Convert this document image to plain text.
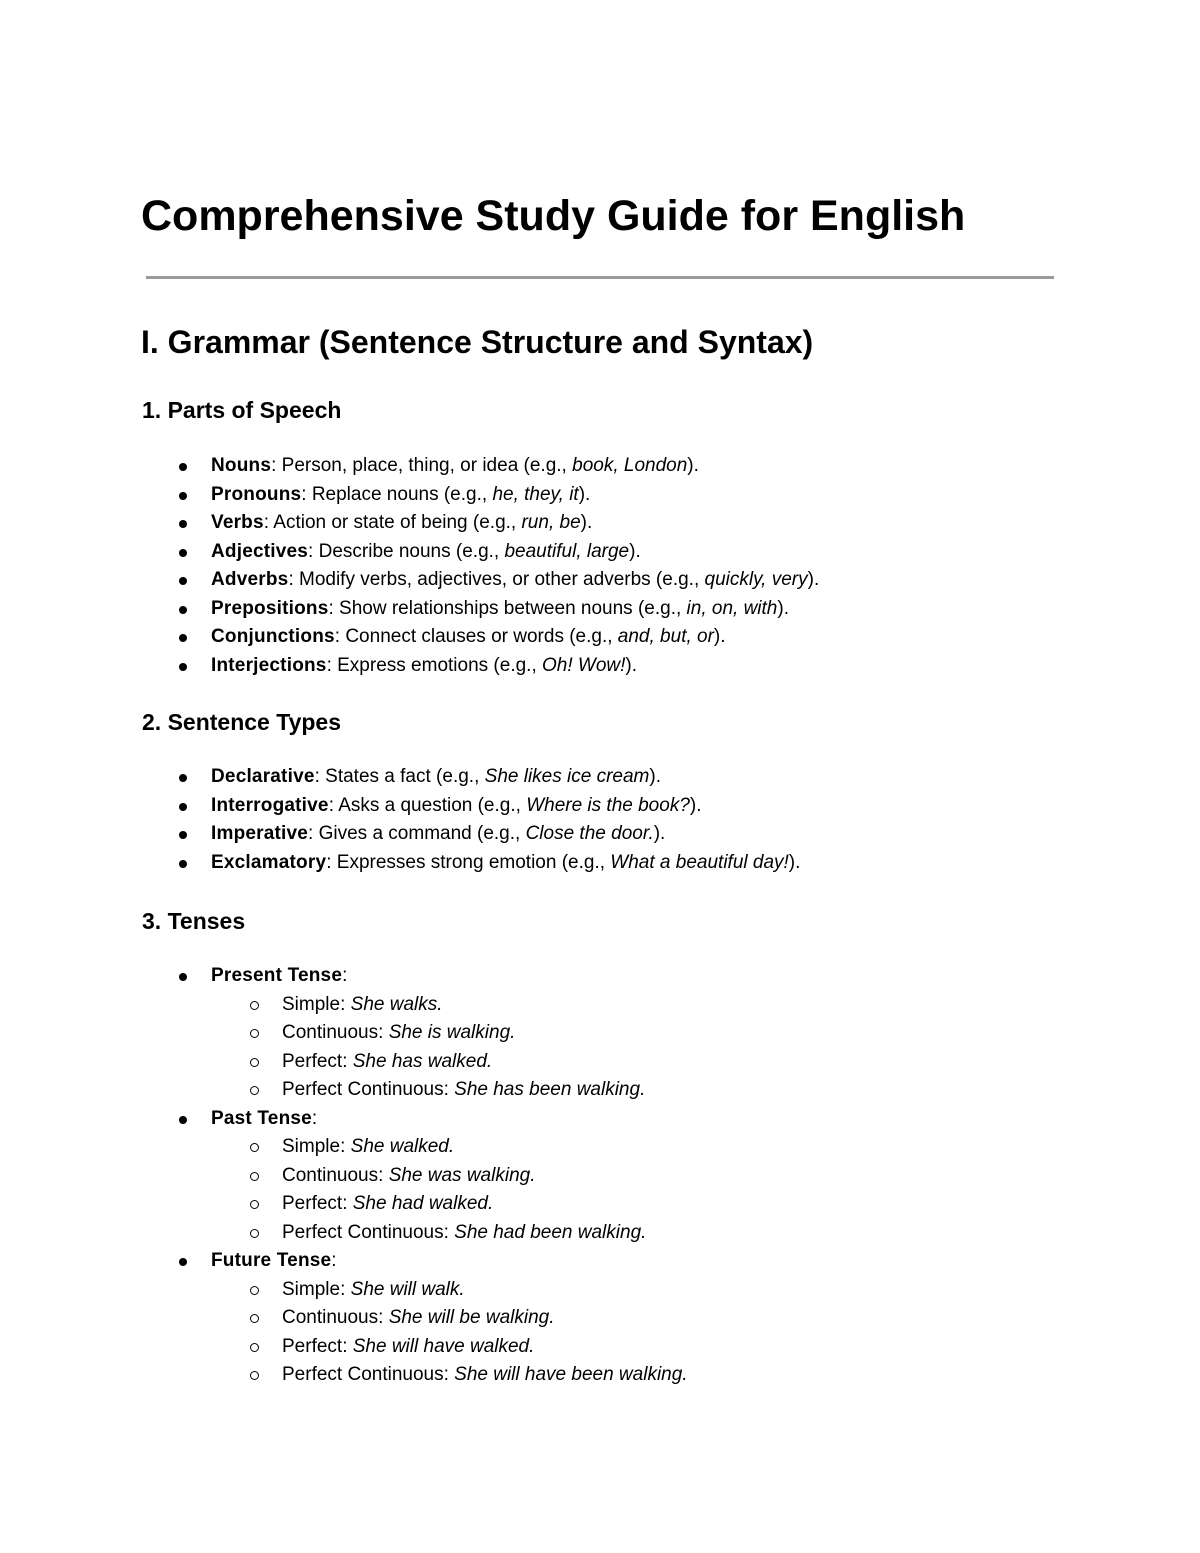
Comprehensive Study Guide for English
I. Grammar (Sentence Structure and Syntax)
1. Parts of Speech
Nouns: Person, place, thing, or idea (e.g., book, London).
Pronouns: Replace nouns (e.g., he, they, it).
Verbs: Action or state of being (e.g., run, be).
Adjectives: Describe nouns (e.g., beautiful, large).
Adverbs: Modify verbs, adjectives, or other adverbs (e.g., quickly, very).
Prepositions: Show relationships between nouns (e.g., in, on, with).
Conjunctions: Connect clauses or words (e.g., and, but, or).
Interjections: Express emotions (e.g., Oh! Wow!).
2. Sentence Types
Declarative: States a fact (e.g., She likes ice cream).
Interrogative: Asks a question (e.g., Where is the book?).
Imperative: Gives a command (e.g., Close the door.).
Exclamatory: Expresses strong emotion (e.g., What a beautiful day!).
3. Tenses
Present Tense:
Simple: She walks.
Continuous: She is walking.
Perfect: She has walked.
Perfect Continuous: She has been walking.
Past Tense:
Simple: She walked.
Continuous: She was walking.
Perfect: She had walked.
Perfect Continuous: She had been walking.
Future Tense:
Simple: She will walk.
Continuous: She will be walking.
Perfect: She will have walked.
Perfect Continuous: She will have been walking.
